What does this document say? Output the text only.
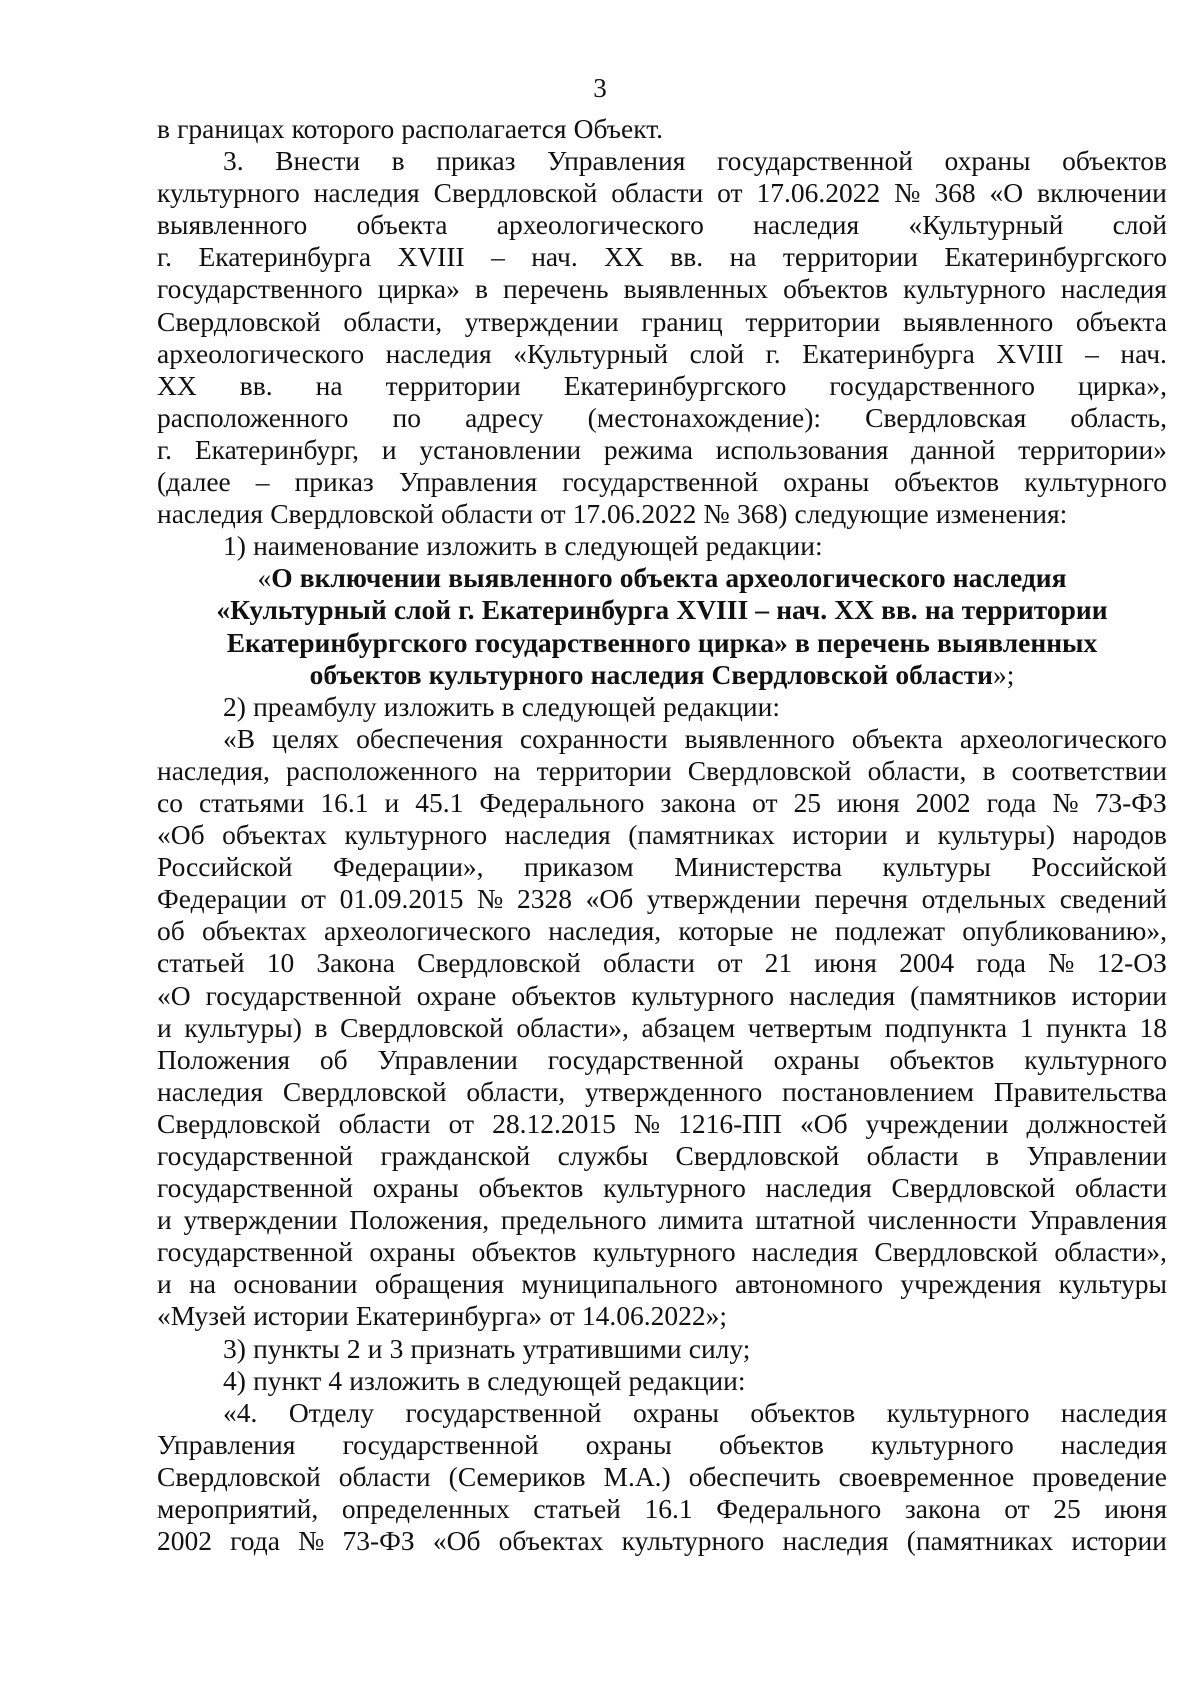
3
в границах которого располагается Объект.
3. Внести в приказ Управления государственной охраны объектов
культурного наследия Свердловской области от 17.06.2022 № 368 «О включении
выявленного объекта археологического наследия «Культурный слой
г. Екатеринбурга XVIII – нач. XX вв. на территории Екатеринбургского
государственного цирка» в перечень выявленных объектов культурного наследия
Свердловской области, утверждении границ территории выявленного объекта
археологического наследия «Культурный слой г. Екатеринбурга XVIII – нач.
XX вв. на территории Екатеринбургского государственного цирка»,
расположенного по адресу (местонахождение): Свердловская область,
г. Екатеринбург, и установлении режима использования данной территории»
(далее – приказ Управления государственной охраны объектов культурного
наследия Свердловской области от 17.06.2022 № 368) следующие изменения:
1) наименование изложить в следующей редакции:
«О включении выявленного объекта археологического наследия
«Культурный слой г. Екатеринбурга XVIII – нач. XX вв. на территории
Екатеринбургского государственного цирка» в перечень выявленных
объектов культурного наследия Свердловской области»;
2) преамбулу изложить в следующей редакции:
«В целях обеспечения сохранности выявленного объекта археологического
наследия, расположенного на территории Свердловской области, в соответствии
со статьями 16.1 и 45.1 Федерального закона от 25 июня 2002 года № 73-ФЗ
«Об объектах культурного наследия (памятниках истории и культуры) народов
Российской Федерации», приказом Министерства культуры Российской
Федерации от 01.09.2015 № 2328 «Об утверждении перечня отдельных сведений
об объектах археологического наследия, которые не подлежат опубликованию»,
статьей 10 Закона Свердловской области от 21 июня 2004 года № 12-ОЗ
«О государственной охране объектов культурного наследия (памятников истории
и культуры) в Свердловской области», абзацем четвертым подпункта 1 пункта 18
Положения об Управлении государственной охраны объектов культурного
наследия Свердловской области, утвержденного постановлением Правительства
Свердловской области от 28.12.2015 № 1216-ПП «Об учреждении должностей
государственной гражданской службы Свердловской области в Управлении
государственной охраны объектов культурного наследия Свердловской области
и утверждении Положения, предельного лимита штатной численности Управления
государственной охраны объектов культурного наследия Свердловской области»,
и на основании обращения муниципального автономного учреждения культуры
«Музей истории Екатеринбурга» от 14.06.2022»;
3) пункты 2 и 3 признать утратившими силу;
4) пункт 4 изложить в следующей редакции:
«4. Отделу государственной охраны объектов культурного наследия
Управления государственной охраны объектов культурного наследия
Свердловской области (Семериков М.А.) обеспечить своевременное проведение
мероприятий, определенных статьей 16.1 Федерального закона от 25 июня
2002 года № 73-ФЗ «Об объектах культурного наследия (памятниках истории
